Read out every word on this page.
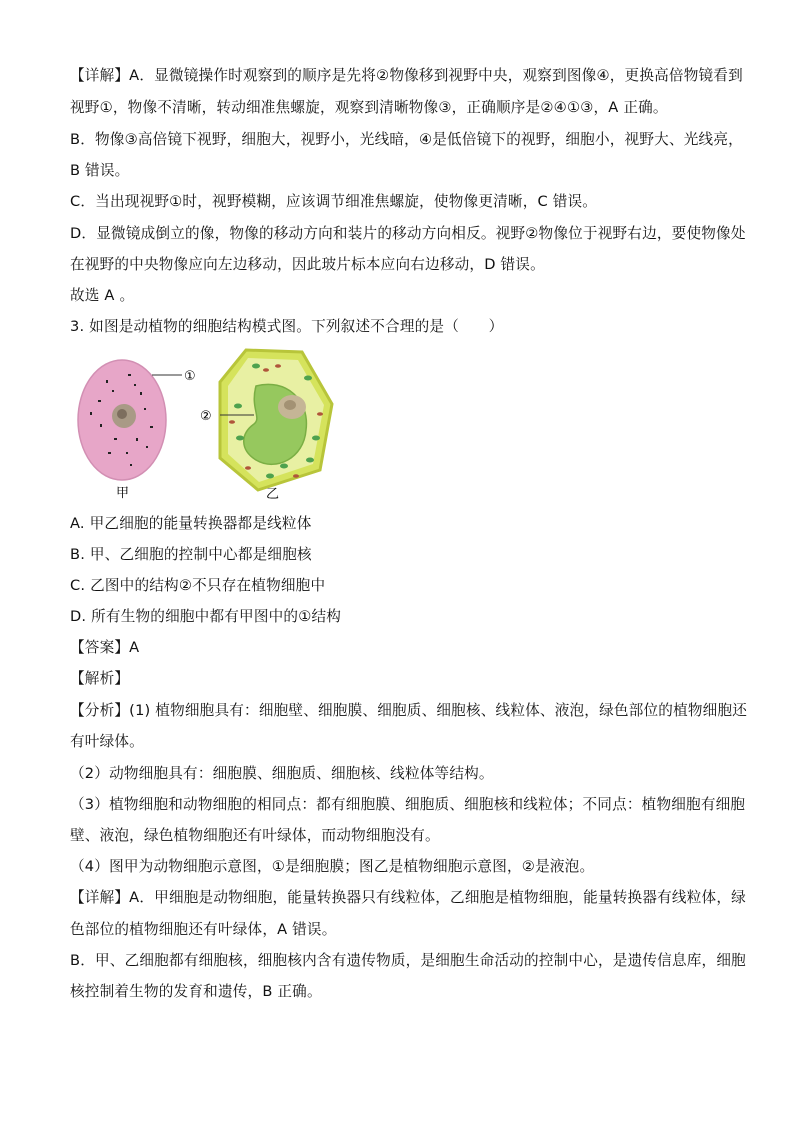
【详解】A．显微镜操作时观察到的顺序是先将②物像移到视野中央，观察到图像④，更换高倍物镜看到
视野①，物像不清晰，转动细准焦螺旋，观察到清晰物像③，正确顺序是②④①③，A 正确。
B．物像③高倍镜下视野，细胞大，视野小，光线暗，④是低倍镜下的视野，细胞小，视野大、光线亮，
B 错误。
C．当出现视野①时，视野模糊，应该调节细准焦螺旋，使物像更清晰，C 错误。
D．显微镜成倒立的像，物像的移动方向和装片的移动方向相反。视野②物像位于视野右边，要使物像处
在视野的中央物像应向左边移动，因此玻片标本应向右边移动，D 错误。
故选 A 。
3. 如图是动植物的细胞结构模式图。下列叙述不合理的是（　　）
①
②
甲	乙
A. 甲乙细胞的能量转换器都是线粒体
B. 甲、乙细胞的控制中心都是细胞核
C. 乙图中的结构②不只存在植物细胞中
D. 所有生物的细胞中都有甲图中的①结构
【答案】A
【解析】
【分析】(1) 植物细胞具有：细胞壁、细胞膜、细胞质、细胞核、线粒体、液泡，绿色部位的植物细胞还
有叶绿体。
（2）动物细胞具有：细胞膜、细胞质、细胞核、线粒体等结构。
（3）植物细胞和动物细胞的相同点：都有细胞膜、细胞质、细胞核和线粒体；不同点：植物细胞有细胞
壁、液泡，绿色植物细胞还有叶绿体，而动物细胞没有。
（4）图甲为动物细胞示意图，①是细胞膜；图乙是植物细胞示意图，②是液泡。
【详解】A．甲细胞是动物细胞，能量转换器只有线粒体，乙细胞是植物细胞，能量转换器有线粒体，绿
色部位的植物细胞还有叶绿体，A 错误。
B．甲、乙细胞都有细胞核，细胞核内含有遗传物质，是细胞生命活动的控制中心，是遗传信息库，细胞
核控制着生物的发育和遗传，B 正确。
